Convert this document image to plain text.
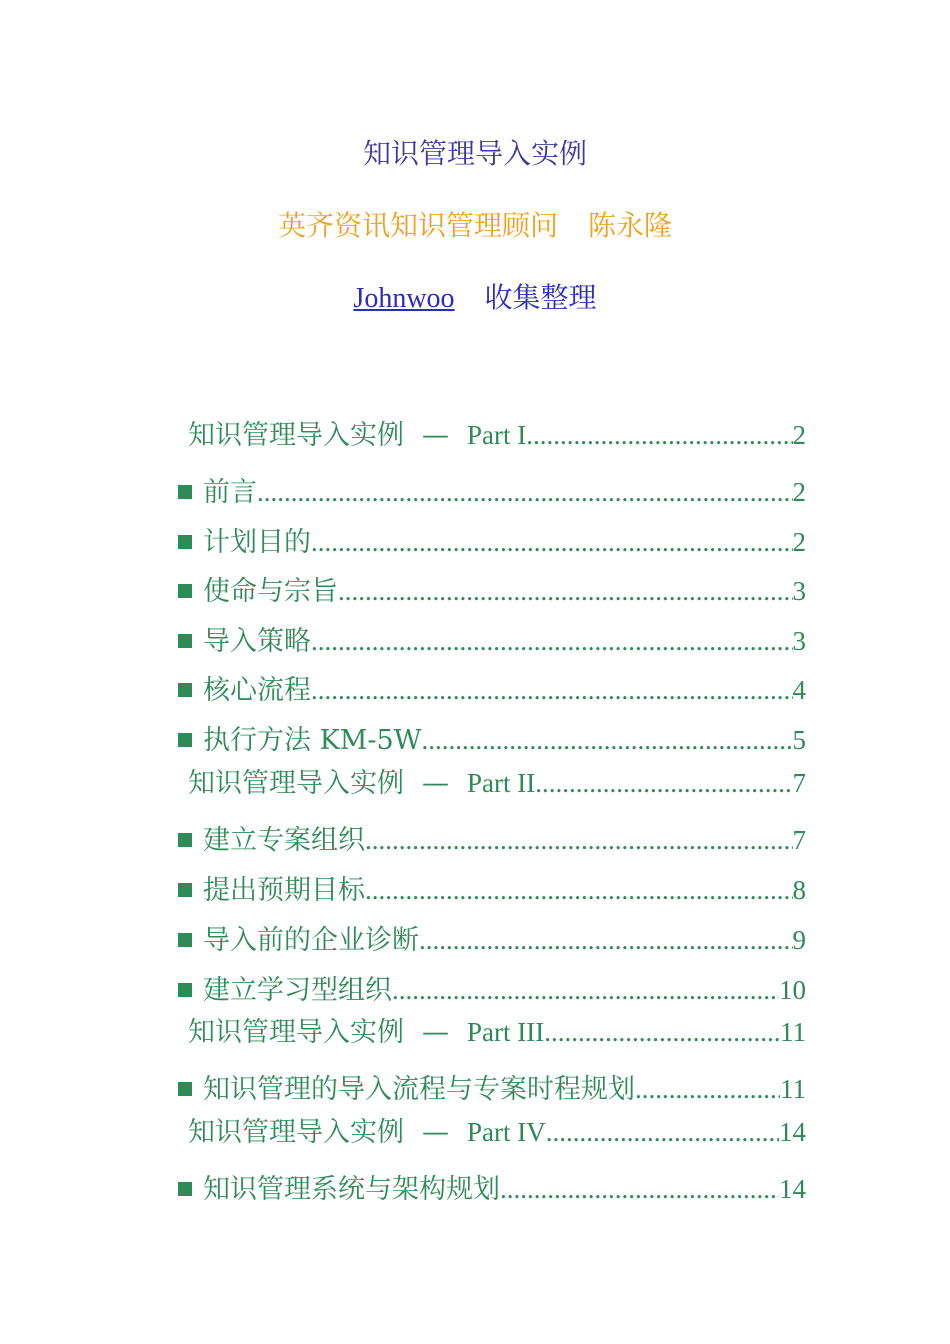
知识管理导入实例
英齐资讯知识管理顾问 陈永隆
Johnwoo 收集整理
知识管理导入实例 — Part I .....	2
前言 .....	2
计划目的 .....	2
使命与宗旨 .....	3
导入策略 .....	3
核心流程 .....	4
执行方法 KM-5W .....	5
知识管理导入实例 — Part II .....	7
建立专案组织 .....	7
提出预期目标 .....	8
导入前的企业诊断 .....	9
建立学习型组织 .....	10
知识管理导入实例 — Part III .....	11
知识管理的导入流程与专案时程规划 .....	11
知识管理导入实例 — Part IV .....	14
知识管理系统与架构规划 .....	14
